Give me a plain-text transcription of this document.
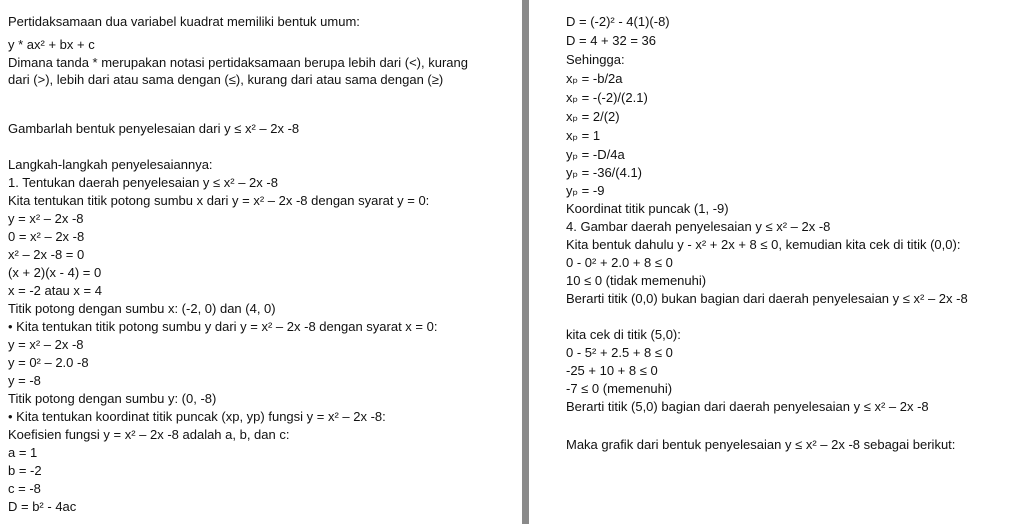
Pertidaksamaan dua variabel kuadrat memiliki bentuk umum:
y * ax² + bx + c
Dimana tanda * merupakan notasi pertidaksamaan berupa lebih dari (<), kurang dari (>), lebih dari atau sama dengan (≤), kurang dari atau sama dengan (≥)
Gambarlah bentuk penyelesaian dari y ≤ x² – 2x -8
Langkah-langkah penyelesaiannya:
1. Tentukan daerah penyelesaian y ≤ x² – 2x -8
Kita tentukan titik potong sumbu x dari y = x² – 2x -8 dengan syarat y = 0:
y = x² – 2x -8
0 = x² – 2x -8
x² – 2x -8 = 0
(x + 2)(x - 4) = 0
x = -2 atau x = 4
Titik potong dengan sumbu x: (-2, 0) dan (4, 0)
• Kita tentukan titik potong sumbu y dari y = x² – 2x -8 dengan syarat x = 0:
y = x² – 2x -8
y = 0² – 2.0 -8
y = -8
Titik potong dengan sumbu y: (0, -8)
• Kita tentukan koordinat titik puncak (xp, yp) fungsi y = x² – 2x -8:
Koefisien fungsi y = x² – 2x -8 adalah a, b, dan c:
a = 1
b = -2
c = -8
D = b² - 4ac
D = (-2)² - 4(1)(-8)
D = 4 + 32 = 36
Sehingga:
xₚ = -b/2a
xₚ = -(-2)/(2.1)
xₚ = 2/(2)
xₚ = 1
yₚ = -D/4a
yₚ = -36/(4.1)
yₚ = -9
Koordinat titik puncak (1, -9)
4. Gambar daerah penyelesaian y ≤ x² – 2x -8
Kita bentuk dahulu y - x² + 2x + 8 ≤ 0, kemudian kita cek di titik (0,0):
0 - 0² + 2.0 + 8 ≤ 0
10 ≤ 0 (tidak memenuhi)
Berarti titik (0,0) bukan bagian dari daerah penyelesaian y ≤ x² – 2x -8
kita cek di titik (5,0):
0 - 5² + 2.5 + 8 ≤ 0
-25 + 10 + 8 ≤ 0
-7 ≤ 0 (memenuhi)
Berarti titik (5,0) bagian dari daerah penyelesaian y ≤ x² – 2x -8
Maka grafik dari bentuk penyelesaian y ≤ x² – 2x -8 sebagai berikut:
